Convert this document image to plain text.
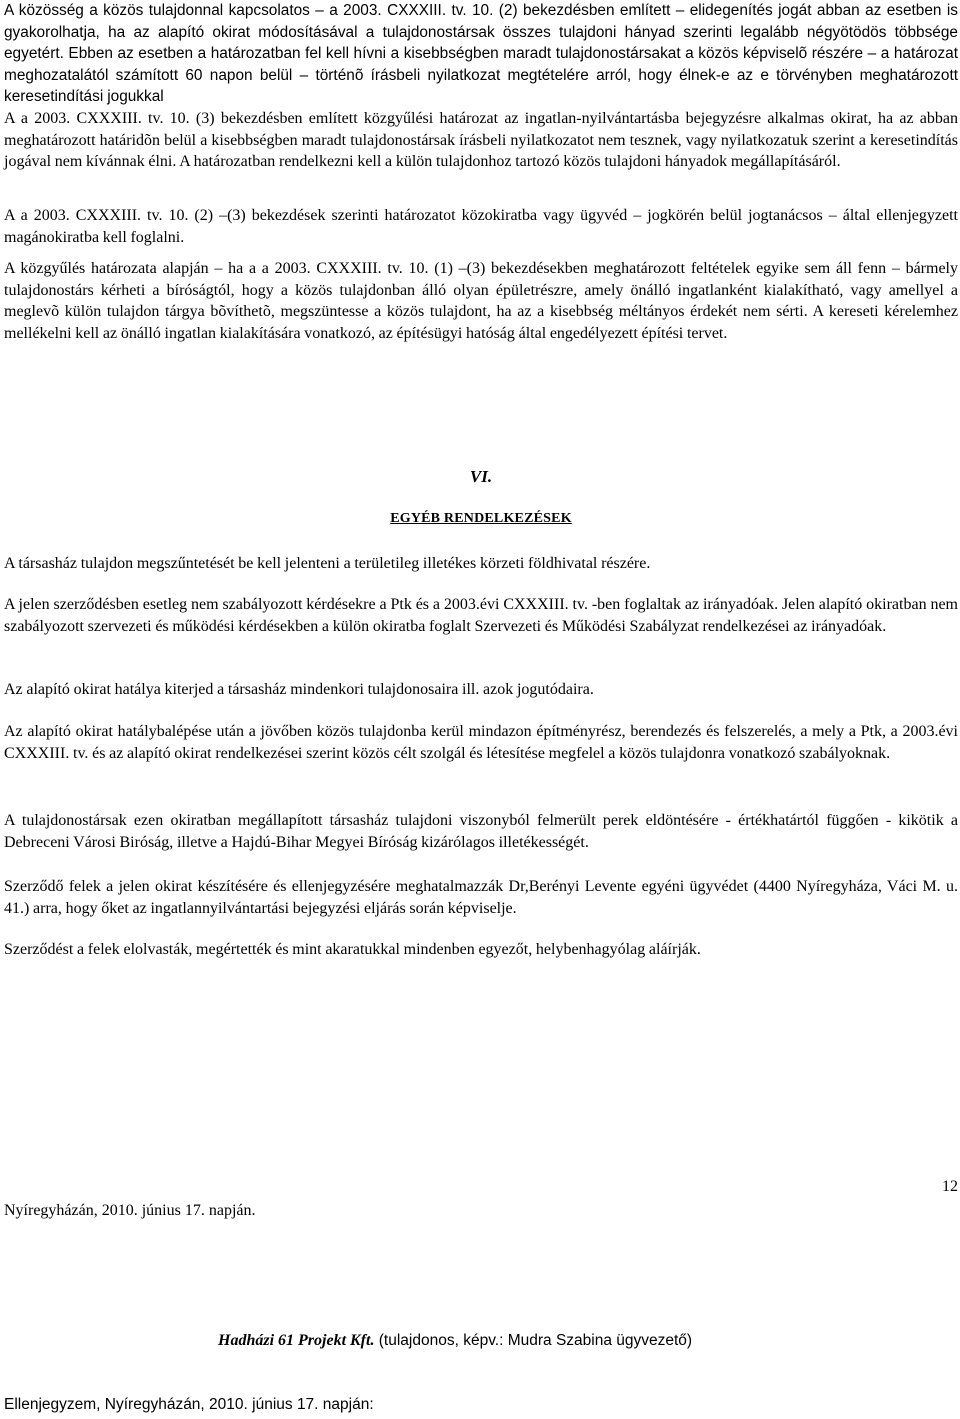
A közösség a közös tulajdonnal kapcsolatos – a 2003. CXXXIII. tv. 10. (2) bekezdésben említett – elidegenítés jogát abban az esetben is gyakorolhatja, ha az alapító okirat módosításával a tulajdonostársak összes tulajdoni hányad szerinti legalább négyötödös többsége egyetért. Ebben az esetben a határozatban fel kell hívni a kisebbségben maradt tulajdonostársakat a közös képviselõ részére – a határozat meghozatalától számított 60 napon belül – történõ írásbeli nyilatkozat megtételére arról, hogy élnek-e az e törvényben meghatározott keresetindítási jogukkal

A a 2003. CXXXIII. tv. 10. (3) bekezdésben említett közgyűlési határozat az ingatlan-nyilvántartásba bejegyzésre alkalmas okirat, ha az abban meghatározott határidõn belül a kisebbségben maradt tulajdonostársak írásbeli nyilatkozatot nem tesznek, vagy nyilatkozatuk szerint a keresetindítás jogával nem kívánnak élni. A határozatban rendelkezni kell a külön tulajdonhoz tartozó közös tulajdoni hányadok megállapításáról.

A a 2003. CXXXIII. tv. 10. (2) –(3) bekezdések szerinti határozatot közokiratba vagy ügyvéd – jogkörén belül jogtanácsos – által ellenjegyzett magánokiratba kell foglalni.

A közgyűlés határozata alapján – ha a a 2003. CXXXIII. tv. 10. (1) –(3) bekezdésekben meghatározott feltételek egyike sem áll fenn – bármely tulajdonostárs kérheti a bíróságtól, hogy a közös tulajdonban álló olyan épületrészre, amely önálló ingatlanként kialakítható, vagy amellyel a meglevõ külön tulajdon tárgya bõvíthetõ, megszüntesse a közös tulajdont, ha az a kisebbség méltányos érdekét nem sérti. A kereseti kérelemhez mellékelni kell az önálló ingatlan kialakítására vonatkozó, az építésügyi hatóság által engedélyezett építési tervet.

VI.

EGYÉB RENDELKEZÉSEK

A társasház tulajdon megszűntetését be kell jelenteni a területileg illetékes körzeti földhivatal részére.

A jelen szerződésben esetleg nem szabályozott kérdésekre a Ptk és a 2003.évi CXXXIII. tv. -ben foglaltak az irányadóak. Jelen alapító okiratban nem szabályozott szervezeti és működési kérdésekben a külön okiratba foglalt Szervezeti és Működési Szabályzat rendelkezései az irányadóak.

Az alapító okirat hatálya kiterjed a társasház mindenkori tulajdonosaira ill. azok jogutódaira.

Az alapító okirat hatálybalépése után a jövőben közös tulajdonba kerül mindazon építményrész, berendezés és felszerelés, a mely a Ptk, a 2003.évi CXXXIII. tv. és az alapító okirat rendelkezései szerint közös célt szolgál és létesítése megfelel a közös tulajdonra vonatkozó szabályoknak.

A tulajdonostársak ezen okiratban megállapított társasház tulajdoni viszonyból felmerült perek eldöntésére - értékhatártól függően - kikötik a Debreceni Városi Biróság, illetve a Hajdú-Bihar Megyei Bíróság kizárólagos illetékességét.

Szerződő felek a jelen okirat készítésére és ellenjegyzésére meghatalmazzák Dr,Berényi Levente egyéni ügyvédet (4400 Nyíregyháza, Váci M. u. 41.) arra, hogy őket az ingatlannyilvántartási bejegyzési eljárás során képviselje.

Szerződést a felek elolvasták, megértették és mint akaratukkal mindenben egyezőt, helybenhagyólag aláírják.

12

Nyíregyházán, 2010. június 17. napján.

Hadházi 61 Projekt Kft. (tulajdonos, képv.: Mudra Szabina ügyvezető)

Ellenjegyzem, Nyíregyházán, 2010. június 17. napján:
